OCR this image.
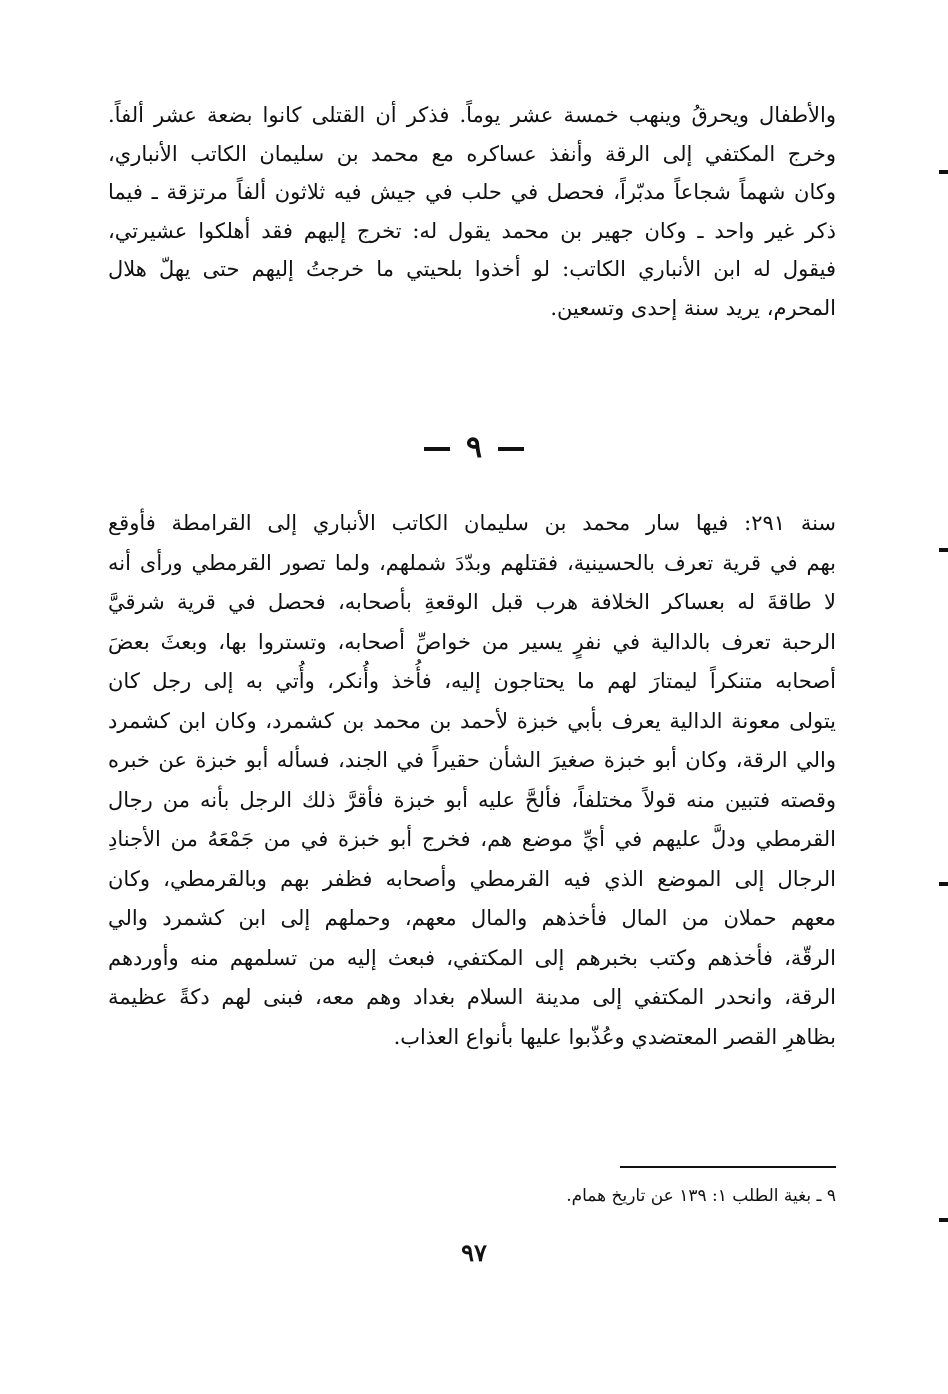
والأطفال ويحرقُ وينهب خمسة عشر يوماً. فذكر أن القتلى كانوا بضعة عشر ألفاً.
وخرج المكتفي إلى الرقة وأنفذ عساكره مع محمد بن سليمان الكاتب الأنباري،
وكان شهماً شجاعاً مدبّراً، فحصل في حلب في جيش فيه ثلاثون ألفاً مرتزقة ـ فيما
ذكر غير واحد ـ وكان جهير بن محمد يقول له: تخرج إليهم فقد أهلكوا عشيرتي،
فيقول له ابن الأنباري الكاتب: لو أخذوا بلحيتي ما خرجتُ إليهم حتى يهلّ هلال
المحرم، يريد سنة إحدى وتسعين.
٩
سنة ٢٩١: فيها سار محمد بن سليمان الكاتب الأنباري إلى القرامطة فأوقع
بهم في قرية تعرف بالحسينية، فقتلهم وبدّدَ شملهم، ولما تصور القرمطي ورأى أنه
لا طاقةَ له بعساكر الخلافة هرب قبل الوقعةِ بأصحابه، فحصل في قرية شرقيَّ
الرحبة تعرف بالدالية في نفرٍ يسير من خواصِّ أصحابه، وتستروا بها، وبعثَ بعضَ
أصحابه متنكراً ليمتارَ لهم ما يحتاجون إليه، فأُخذ وأُنكر، وأُتي به إلى رجل كان
يتولى معونة الدالية يعرف بأبي خبزة لأحمد بن محمد بن كشمرد، وكان ابن كشمرد
والي الرقة، وكان أبو خبزة صغيرَ الشأن حقيراً في الجند، فسأله أبو خبزة عن خبره
وقصته فتبين منه قولاً مختلفاً، فألحَّ عليه أبو خبزة فأقرَّ ذلك الرجل بأنه من رجال
القرمطي ودلَّ عليهم في أيِّ موضع هم، فخرج أبو خبزة في من جَمْعَهُ من الأجنادِ
الرجال إلى الموضع الذي فيه القرمطي وأصحابه فظفر بهم وبالقرمطي، وكان
معهم حملان من المال فأخذهم والمال معهم، وحملهم إلى ابن كشمرد والي
الرقّة، فأخذهم وكتب بخبرهم إلى المكتفي، فبعث إليه من تسلمهم منه وأوردهم
الرقة، وانحدر المكتفي إلى مدينة السلام بغداد وهم معه، فبنى لهم دكةً عظيمة
بظاهرِ القصر المعتضدي وعُذّبوا عليها بأنواع العذاب.
٩ ـ بغية الطلب ١: ١٣٩ عن تاريخ همام.
٩٧
